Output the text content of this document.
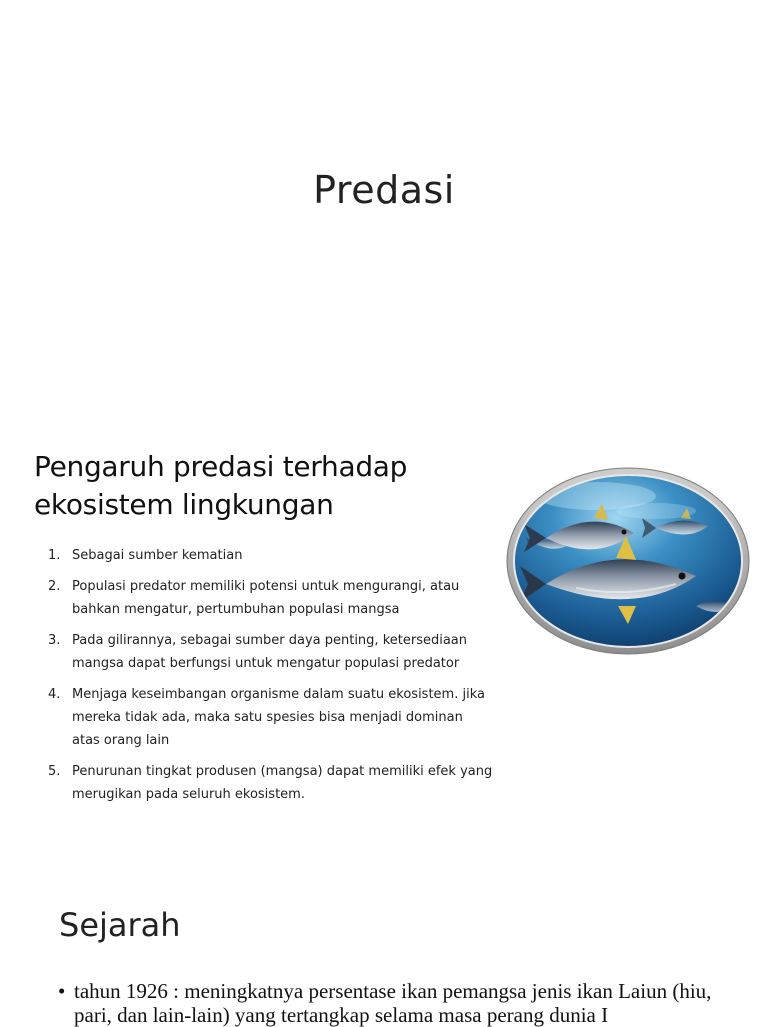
Predasi
Pengaruh predasi terhadap ekosistem lingkungan
1. Sebagai sumber kematian
2. Populasi predator memiliki potensi untuk mengurangi, atau bahkan mengatur, pertumbuhan populasi mangsa
3. Pada gilirannya, sebagai sumber daya penting, ketersediaan mangsa dapat berfungsi untuk mengatur populasi predator
4. Menjaga keseimbangan organisme dalam suatu ekosistem. jika mereka tidak ada, maka satu spesies bisa menjadi dominan atas orang lain
5. Penurunan tingkat produsen (mangsa) dapat memiliki efek yang merugikan pada seluruh ekosistem.
Sejarah
• tahun 1926 : meningkatnya persentase ikan pemangsa jenis ikan Laiun (hiu, pari, dan lain-lain) yang tertangkap selama masa perang dunia I
